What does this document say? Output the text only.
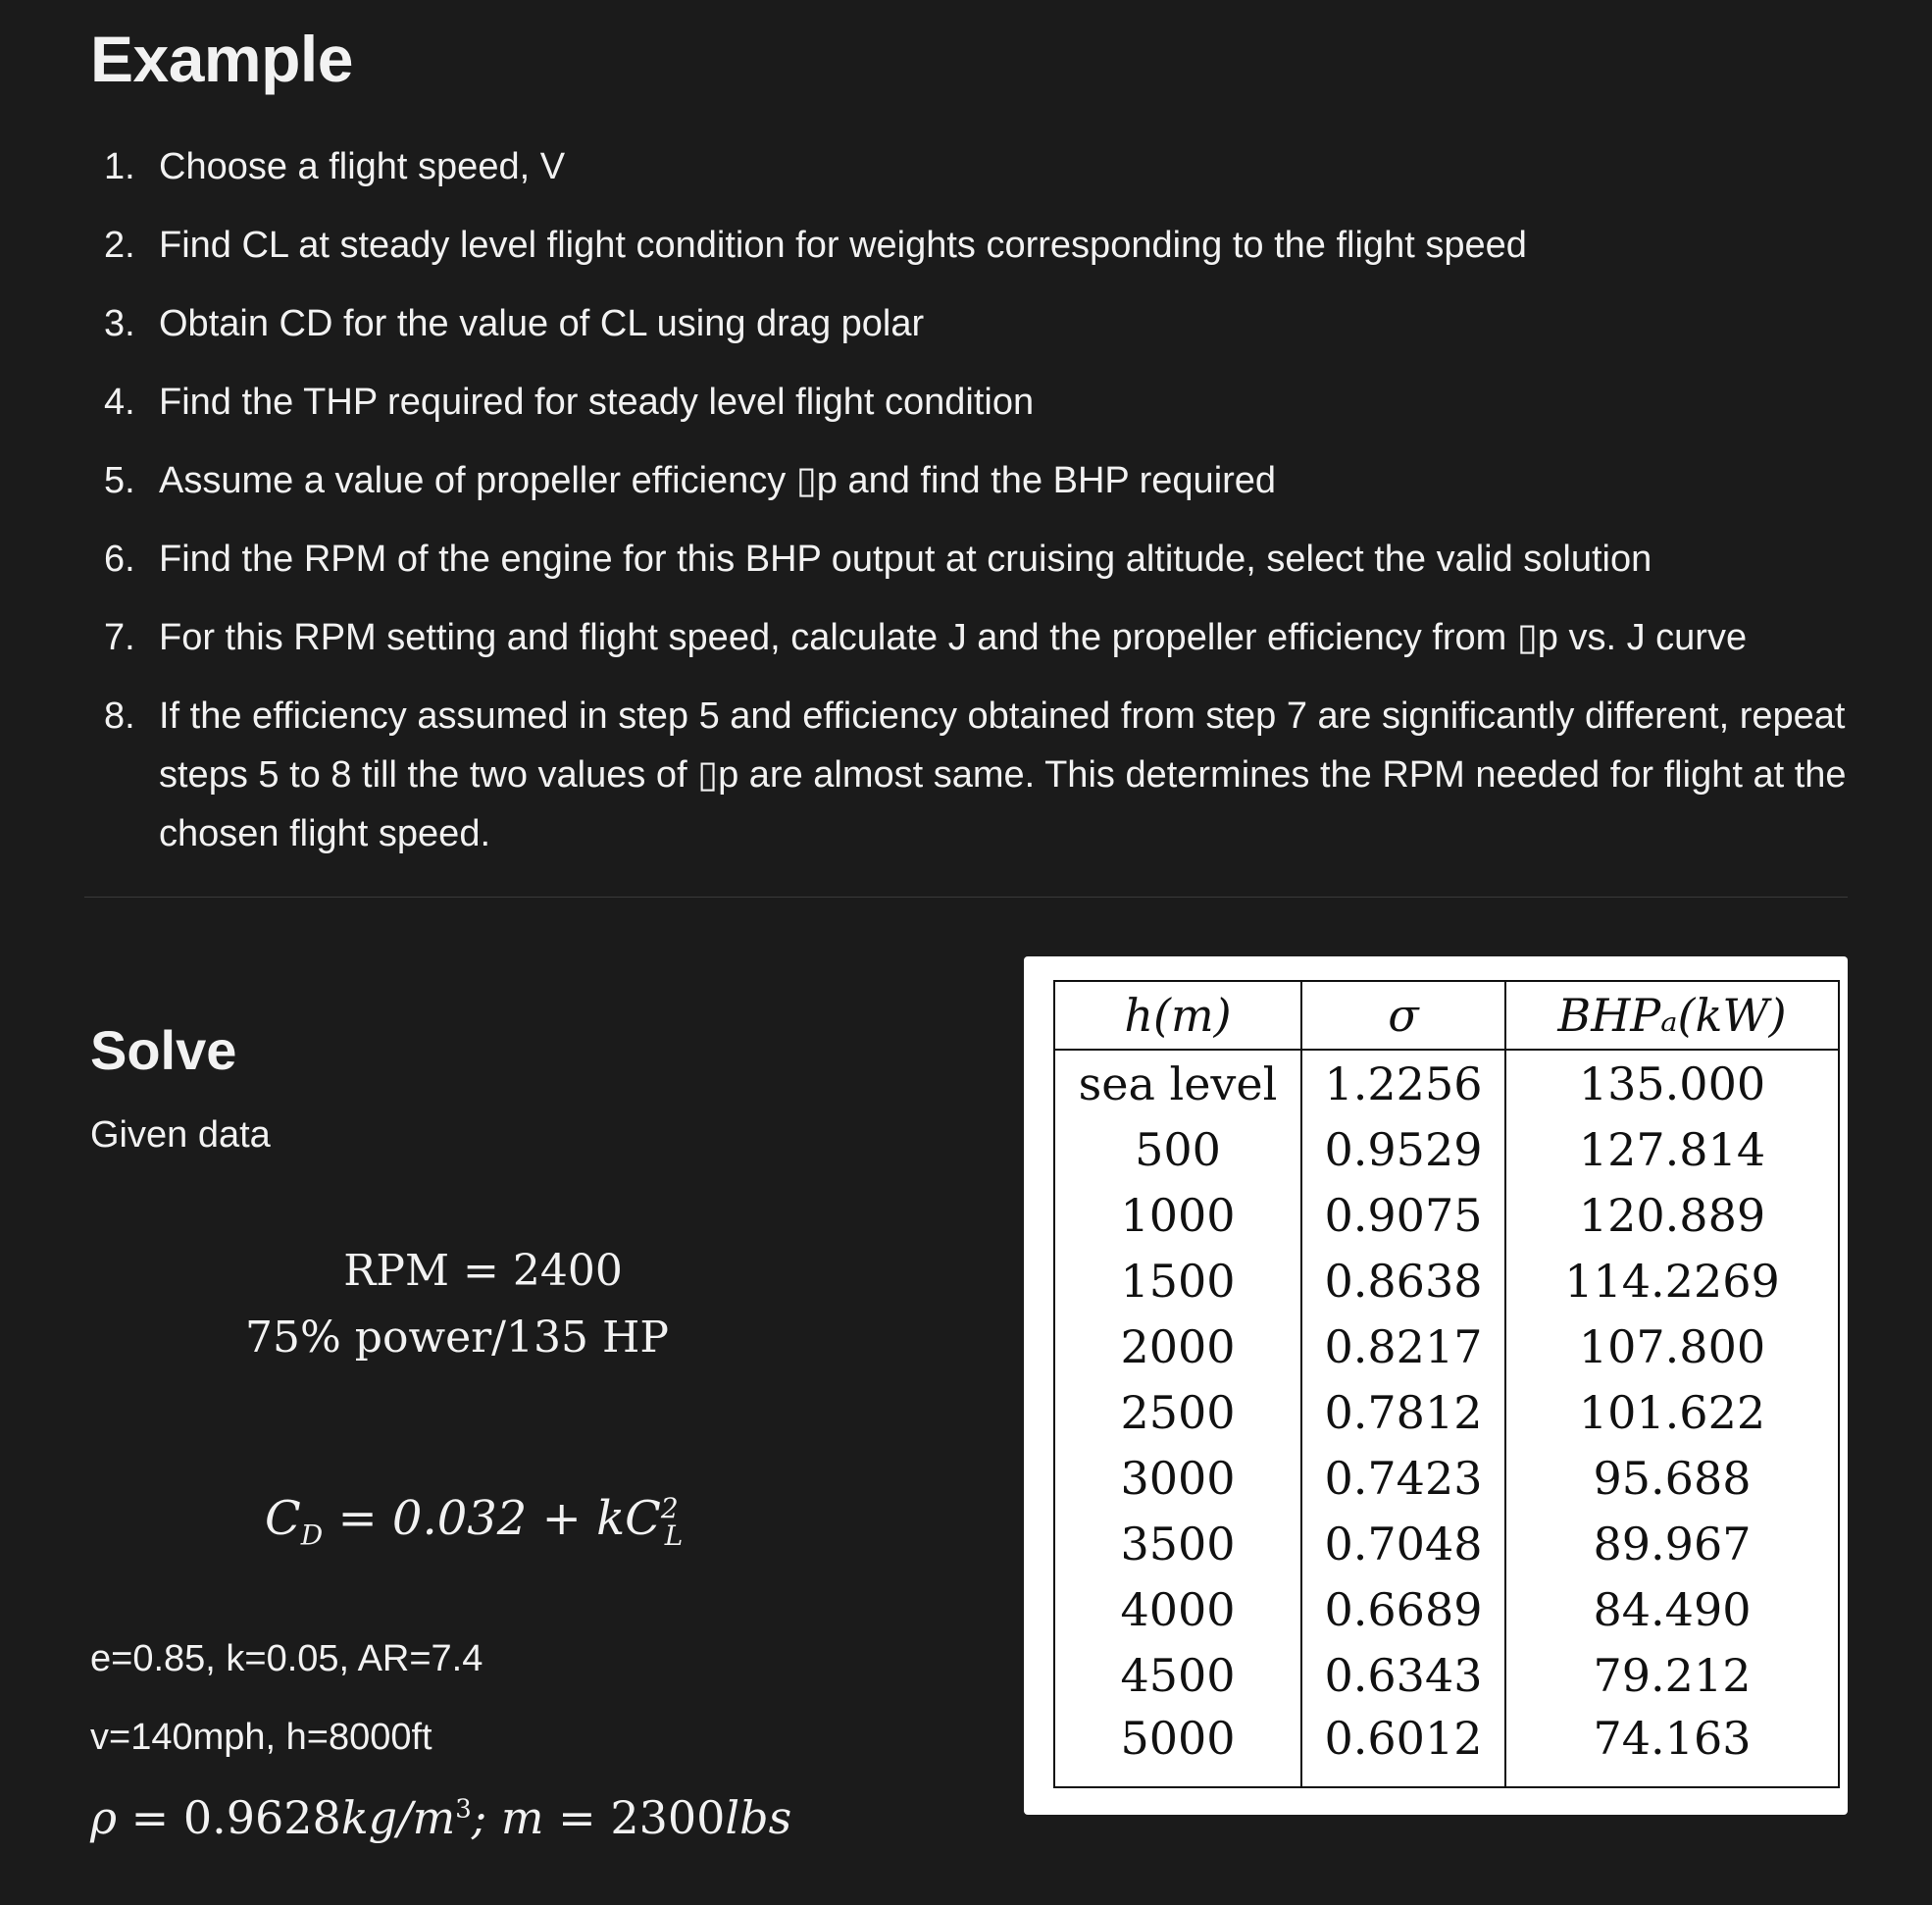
Example
1. Choose a flight speed, V
2. Find CL at steady level flight condition for weights corresponding to the flight speed
3. Obtain CD for the value of CL using drag polar
4. Find the THP required for steady level flight condition
5. Assume a value of propeller efficiency ▯p and find the BHP required
6. Find the RPM of the engine for this BHP output at cruising altitude, select the valid solution
7. For this RPM setting and flight speed, calculate J and the propeller efficiency from ▯p vs. J curve
8. If the efficiency assumed in step 5 and efficiency obtained from step 7 are significantly different, repeat steps 5 to 8 till the two values of ▯p are almost same. This determines the RPM needed for flight at the chosen flight speed.
Solve
Given data
RPM = 2400
75% power/135 HP
$C_D = 0.032 + kC^2_L$
e=0.85, k=0.05, AR=7.4
v=140mph, h=8000ft
$\rho = 0.9628kg/m^3$; m = 2300lbs
h(m)	σ	BHPₐ(kW)
sea level	1.2256	135.000
500	0.9529	127.814
1000	0.9075	120.889
1500	0.8638	114.2269
2000	0.8217	107.800
2500	0.7812	101.622
3000	0.7423	95.688
3500	0.7048	89.967
4000	0.6689	84.490
4500	0.6343	79.212
5000	0.6012	74.163
